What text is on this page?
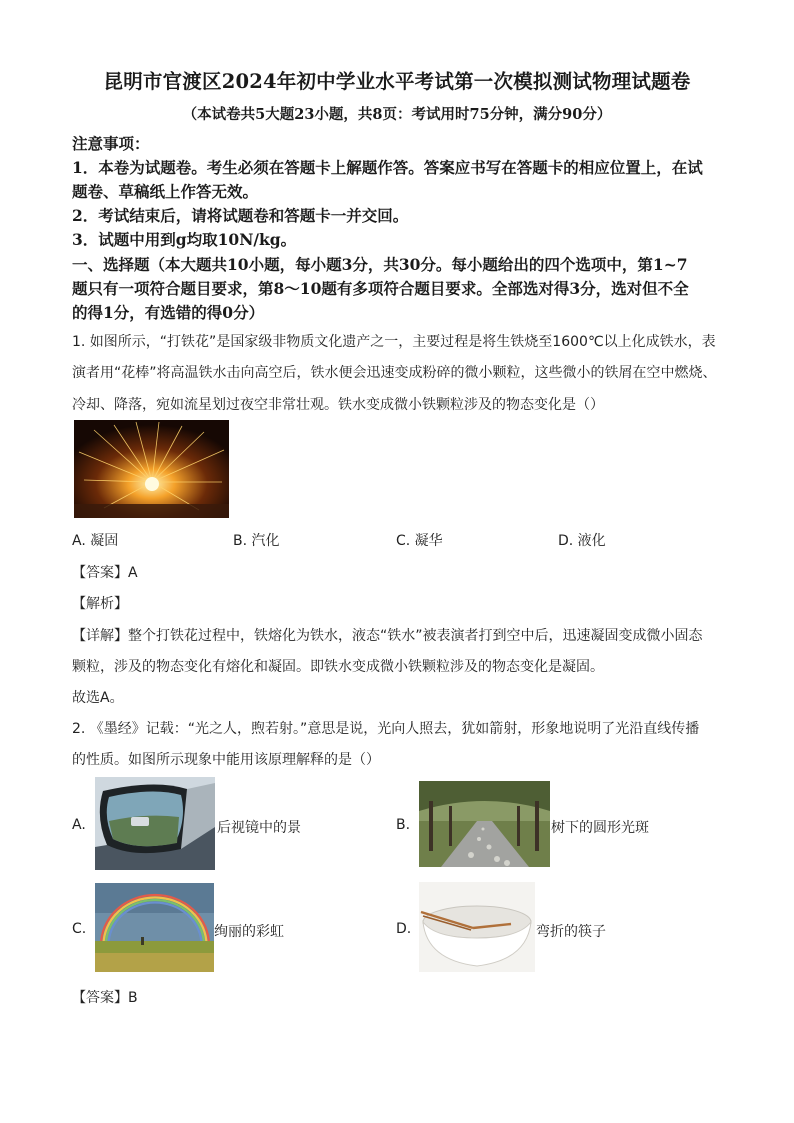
昆明市官渡区2024年初中学业水平考试第一次模拟测试物理试题卷
（本试卷共5大题23小题，共8页：考试用时75分钟，满分90分）
注意事项：
1．本卷为试题卷。考生必须在答题卡上解题作答。答案应书写在答题卡的相应位置上，在试
题卷、草稿纸上作答无效。
2．考试结束后，请将试题卷和答题卡一并交回。
3．试题中用到g均取10N/kg。
一、选择题（本大题共10小题，每小题3分，共30分。每小题给出的四个选项中，第1~7
题只有一项符合题目要求，第8～10题有多项符合题目要求。全部选对得3分，选对但不全
的得1分，有选错的得0分）
1. 如图所示，“打铁花”是国家级非物质文化遗产之一，主要过程是将生铁烧至1600℃以上化成铁水，表
演者用“花棒”将高温铁水击向高空后，铁水便会迅速变成粉碎的微小颗粒，这些微小的铁屑在空中燃烧、
冷却、降落，宛如流星划过夜空非常壮观。铁水变成微小铁颗粒涉及的物态变化是（）
A. 凝固	B. 汽化	C. 凝华	D. 液化
【答案】A
【解析】
【详解】整个打铁花过程中，铁熔化为铁水，液态“铁水”被表演者打到空中后，迅速凝固变成微小固态
颗粒，涉及的物态变化有熔化和凝固。即铁水变成微小铁颗粒涉及的物态变化是凝固。
故选A。
2. 《墨经》记载：“光之人，煦若射。”意思是说，光向人照去，犹如箭射，形象地说明了光沿直线传播
的性质。如图所示现象中能用该原理解释的是（）
A.	后视镜中的景	B.	树下的圆形光斑
C.	绚丽的彩虹	D.	弯折的筷子
【答案】B
